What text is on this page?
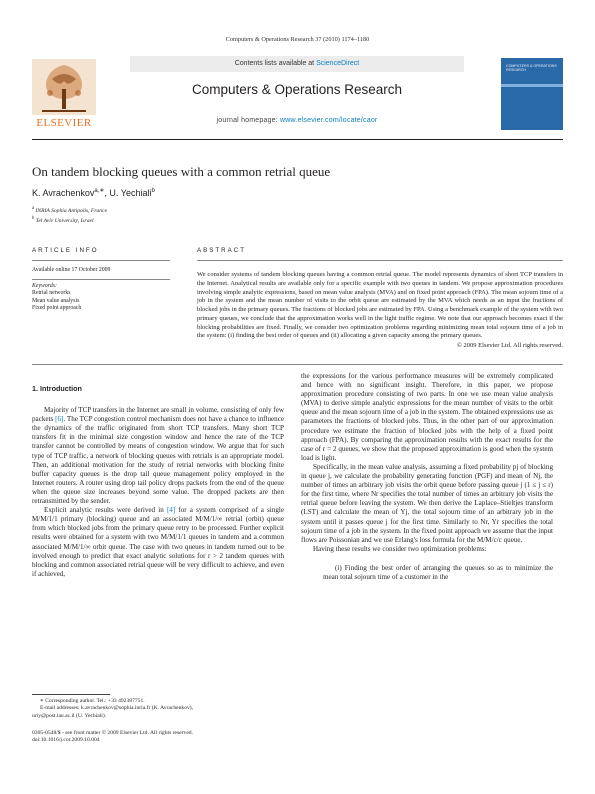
Computers & Operations Research 37 (2010) 1174–1180
ELSEVIER
Contents lists available at ScienceDirect
Computers & Operations Research
journal homepage: www.elsevier.com/locate/caor
COMPUTERS & OPERATIONS RESEARCH
On tandem blocking queues with a common retrial queue
K. Avrachenkov$^{a,∗}$, U. Yechiali$^b$
$^a$ INRIA Sophia Antipolis, France
$^b$ Tel Aviv University, Israel
ARTICLE INFO
Available online 17 October 2009
Keywords:
Retrial networks
Mean value analysis
Fixed point approach
ABSTRACT
We consider systems of tandem blocking queues having a common retrial queue. The model represents dynamics of short TCP transfers in the Internet. Analytical results are available only for a specific example with two queues in tandem. We propose approximation procedures involving simple analytic expressions, based on mean value analysis (MVA) and on fixed point approach (FPA). The mean sojourn time of a job in the system and the mean number of visits to the orbit queue are estimated by the MVA which needs as an input the fractions of blocked jobs in the primary queues. The fractions of blocked jobs are estimated by FPA. Using a benchmark example of the system with two primary queues, we conclude that the approximation works well in the light traffic regime. We note that our approach becomes exact if the blocking probabilities are fixed. Finally, we consider two optimization problems regarding minimizing mean total sojourn time of a job in the system: (i) finding the best order of queues and (ii) allocating a given capacity among the primary queues.
© 2009 Elsevier Ltd. All rights reserved.
1. Introduction

Majority of TCP transfers in the Internet are small in volume, consisting of only few packets [6]. The TCP congestion control mechanism does not have a chance to influence the dynamics of the traffic originated from short TCP transfers. Many short TCP transfers fit in the minimal size congestion window and hence the rate of the TCP transfer cannot be controlled by means of congestion window. We argue that for such type of TCP traffic, a network of blocking queues with retrials is an appropriate model. Then, an additional motivation for the study of retrial networks with blocking finite buffer capacity queues is the drop tail queue management policy employed in the Internet routers. A router using drop tail policy drops packets from the end of the queue when the queue size increases beyond some value. The dropped packets are then retransmitted by the sender.

Explicit analytic results were derived in [4] for a system comprised of a single M/M/1/1 primary (blocking) queue and an associated M/M/1/∞ retrial (orbit) queue from which blocked jobs from the primary queue retry to be processed. Further explicit results were obtained for a system with two M/M/1/1 queues in tandem and a common associated M/M/1/∞ orbit queue. The case with two queues in tandem turned out to be involved enough to predict that exact analytic solutions for r > 2 tandem queues with blocking and common associated retrial queue will be very difficult to achieve, and even if achieved,

the expressions for the various performance measures will be extremely complicated and hence with no significant insight. Therefore, in this paper, we propose approximation procedure consisting of two parts. In one we use mean value analysis (MVA) to derive simple analytic expressions for the mean number of visits to the orbit queue and the mean sojourn time of a job in the system. The obtained expressions use as parameters the fractions of blocked jobs. Thus, in the other part of our approximation procedure we estimate the fraction of blocked jobs with the help of a fixed point approach (FPA). By comparing the approximation results with the exact results for the case of r = 2 queues, we show that the proposed approximation is good when the system load is light.

Specifically, in the mean value analysis, assuming a fixed probability pj of blocking in queue j, we calculate the probability generating function (PGF) and mean of Nj, the number of times an arbitrary job visits the orbit queue before passing queue j (1 ≤ j ≤ r) for the first time, where Nr specifies the total number of times an arbitrary job visits the retrial queue before leaving the system. We then derive the Laplace–Stieltjes transform (LST) and calculate the mean of Yj, the total sojourn time of an arbitrary job in the system until it passes queue j for the first time. Similarly to Nr, Yr specifies the total sojourn time of a job in the system. In the fixed point approach we assume that the input flows are Poissonian and we use Erlang's loss formula for the M/M/c/c queue.

Having these results we consider two optimization problems:

(i) Finding the best order of arranging the queues so as to minimize the mean total sojourn time of a customer in the

∗ Corresponding author. Tel.: +33 492387751.
E-mail addresses: k.avrachenkov@sophia.inria.fr (K. Avrachenkov),
uriy@post.tau.ac.il (U. Yechiali).
0305-0548/$ - see front matter © 2009 Elsevier Ltd. All rights reserved.
doi:10.1016/j.cor.2009.10.004
